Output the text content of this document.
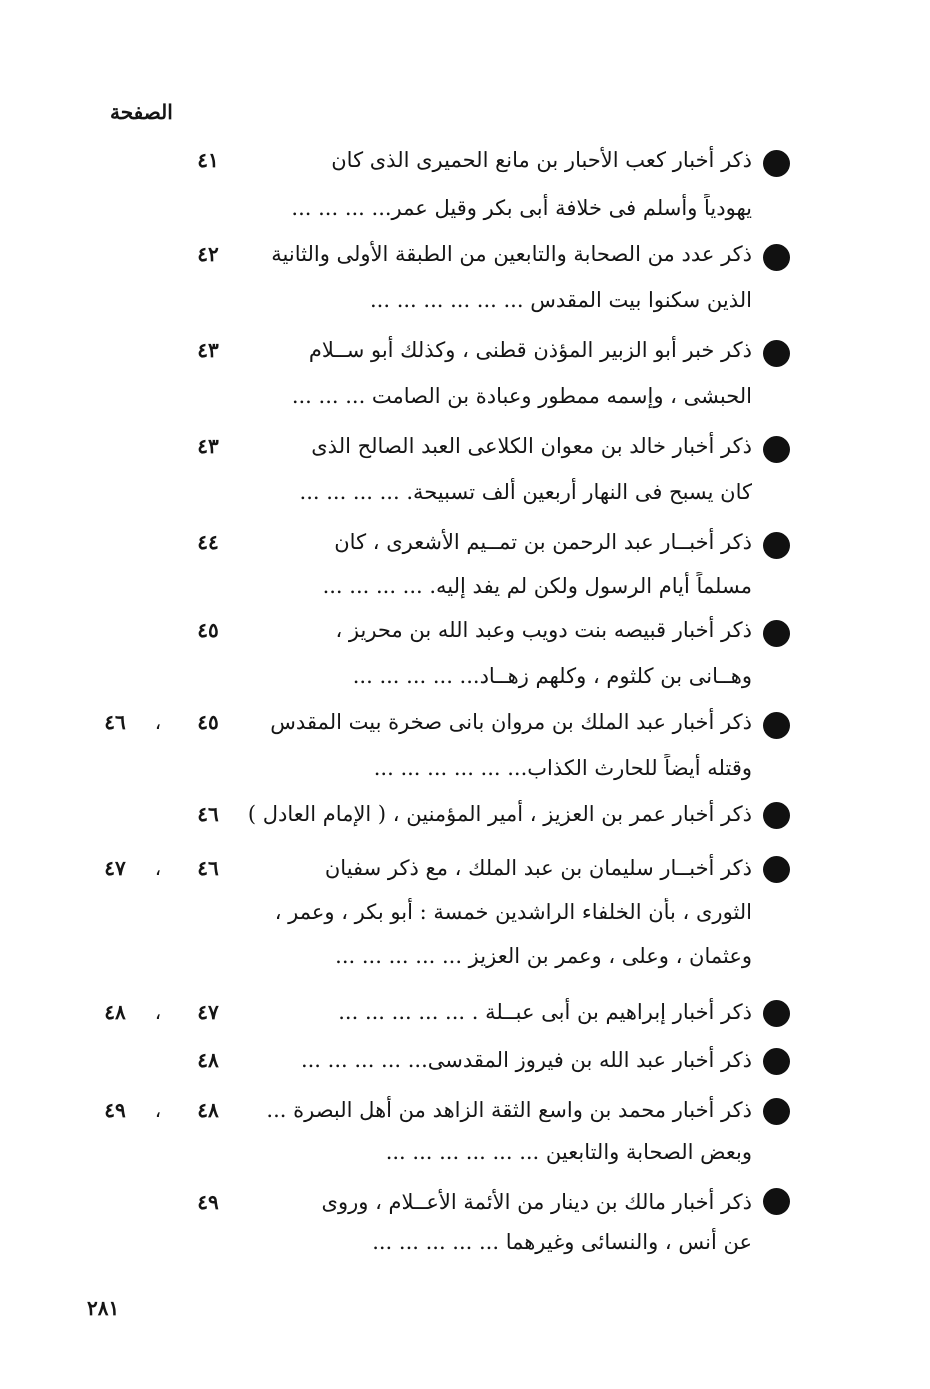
الصفحة
ذكر أخبار كعب الأحبار بن مانع الحميرى الذى كان
يهودياً وأسلم فى خلافة أبى بكر وقيل عمر... ... ... ...
٤١
ذكر عدد من الصحابة والتابعين من الطبقة الأولى والثانية
الذين سكنوا بيت المقدس ... ... ... ... ... ...
٤٢
ذكر خبر أبو الزبير المؤذن قطنى ، وكذلك أبو ســلام
الحبشى ، وإسمه ممطور وعبادة بن الصامت ... ... ...
٤٣
ذكر أخبار خالد بن معوان الكلاعى العبد الصالح الذى
كان يسبح فى النهار أربعين ألف تسبيحة. ... ... ... ...
٤٣
ذكر أخبــار عبد الرحمن بن تمــيم الأشعرى ، كان
مسلماً أيام الرسول ولكن لم يفد إليه. ... ... ... ...
٤٤
ذكر أخبار قبيصه بنت دويب وعبد الله بن محريز ،
وهــانى بن كلثوم ، وكلهم زهــاد... ... ... ... ...
٤٥
ذكر أخبار عبد الملك بن مروان بانى صخرة بيت المقدس
وقتله أيضاً للحارث الكذاب... ... ... ... ... ...
٤٥
،
٤٦
ذكر أخبار عمر بن العزيز ، أمير المؤمنين ، ( الإمام العادل )
٤٦
ذكر أخبــار سليمان بن عبد الملك ، مع ذكر سفيان
الثورى ، بأن الخلفاء الراشدين خمسة : أبو بكر ، وعمر ،
وعثمان ، وعلى ، وعمر بن العزيز ... ... ... ... ...
٤٦
،
٤٧
ذكر أخبار إبراهيم بن أبى عبــلة . ... ... ... ... ...
٤٧
،
٤٨
ذكر أخبار عبد الله بن فيروز المقدسى... ... ... ... ...
٤٨
ذكر أخبار محمد بن واسع الثقة الزاهد من أهل البصرة ...
وبعض الصحابة والتابعين ... ... ... ... ... ...
٤٨
،
٤٩
ذكر أخبار مالك بن دينار من الأئمة الأعــلام ، وروى
عن أنس ، والنسائى وغيرهما ... ... ... ... ...
٤٩
٢٨١
